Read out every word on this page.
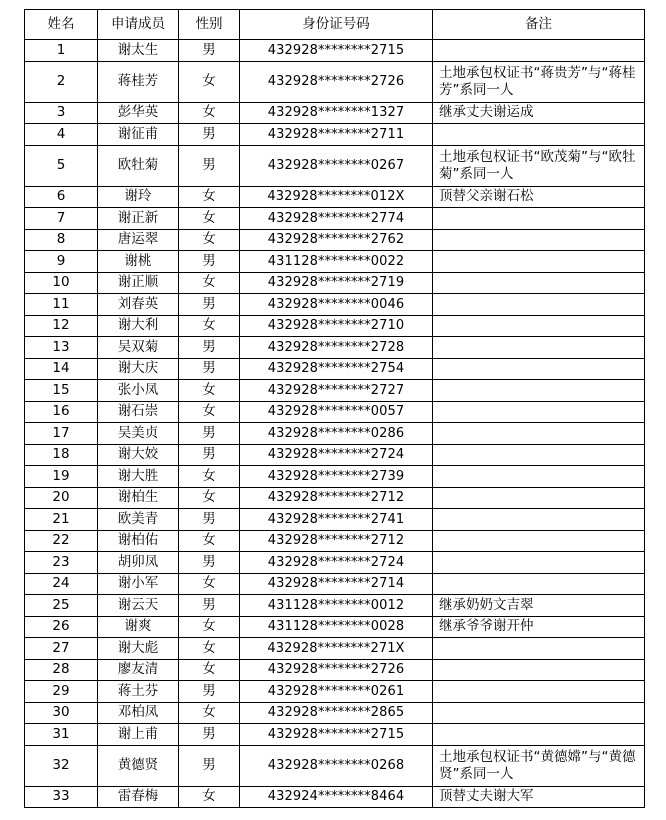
姓名	申请成员	性别	身份证号码	备注
1	谢太生	男	432928********2715	
2	蒋桂芳	女	432928********2726	土地承包权证书“蒋贵芳”与“蒋桂芳”系同一人
3	彭华英	女	432928********1327	继承丈夫谢运成
4	谢征甫	男	432928********2711	
5	欧牡菊	男	432928********0267	土地承包权证书“欧茂菊”与“欧牡菊”系同一人
6	谢玲	女	432928********012X	顶替父亲谢石松
7	谢正新	女	432928********2774	
8	唐运翠	女	432928********2762	
9	谢桃	男	431128********0022	
10	谢正顺	女	432928********2719	
11	刘春英	男	432928********0046	
12	谢大利	女	432928********2710	
13	吴双菊	男	432928********2728	
14	谢大庆	男	432928********2754	
15	张小凤	女	432928********2727	
16	谢石崇	女	432928********0057	
17	吴美贞	男	432928********0286	
18	谢大姣	男	432928********2724	
19	谢大胜	女	432928********2739	
20	谢柏生	女	432928********2712	
21	欧美青	男	432928********2741	
22	谢柏佑	女	432928********2712	
23	胡卯凤	男	432928********2724	
24	谢小军	女	432928********2714	
25	谢云天	男	431128********0012	继承奶奶文吉翠
26	谢爽	女	431128********0028	继承爷爷谢开仲
27	谢大彪	女	432928********271X	
28	廖友清	女	432928********2726	
29	蒋土芬	男	432928********0261	
30	邓柏凤	女	432928********2865	
31	谢上甫	男	432928********2715	
32	黄德贤	男	432928********0268	土地承包权证书“黄德嫦”与“黄德贤”系同一人
33	雷春梅	女	432924********8464	顶替丈夫谢大军
